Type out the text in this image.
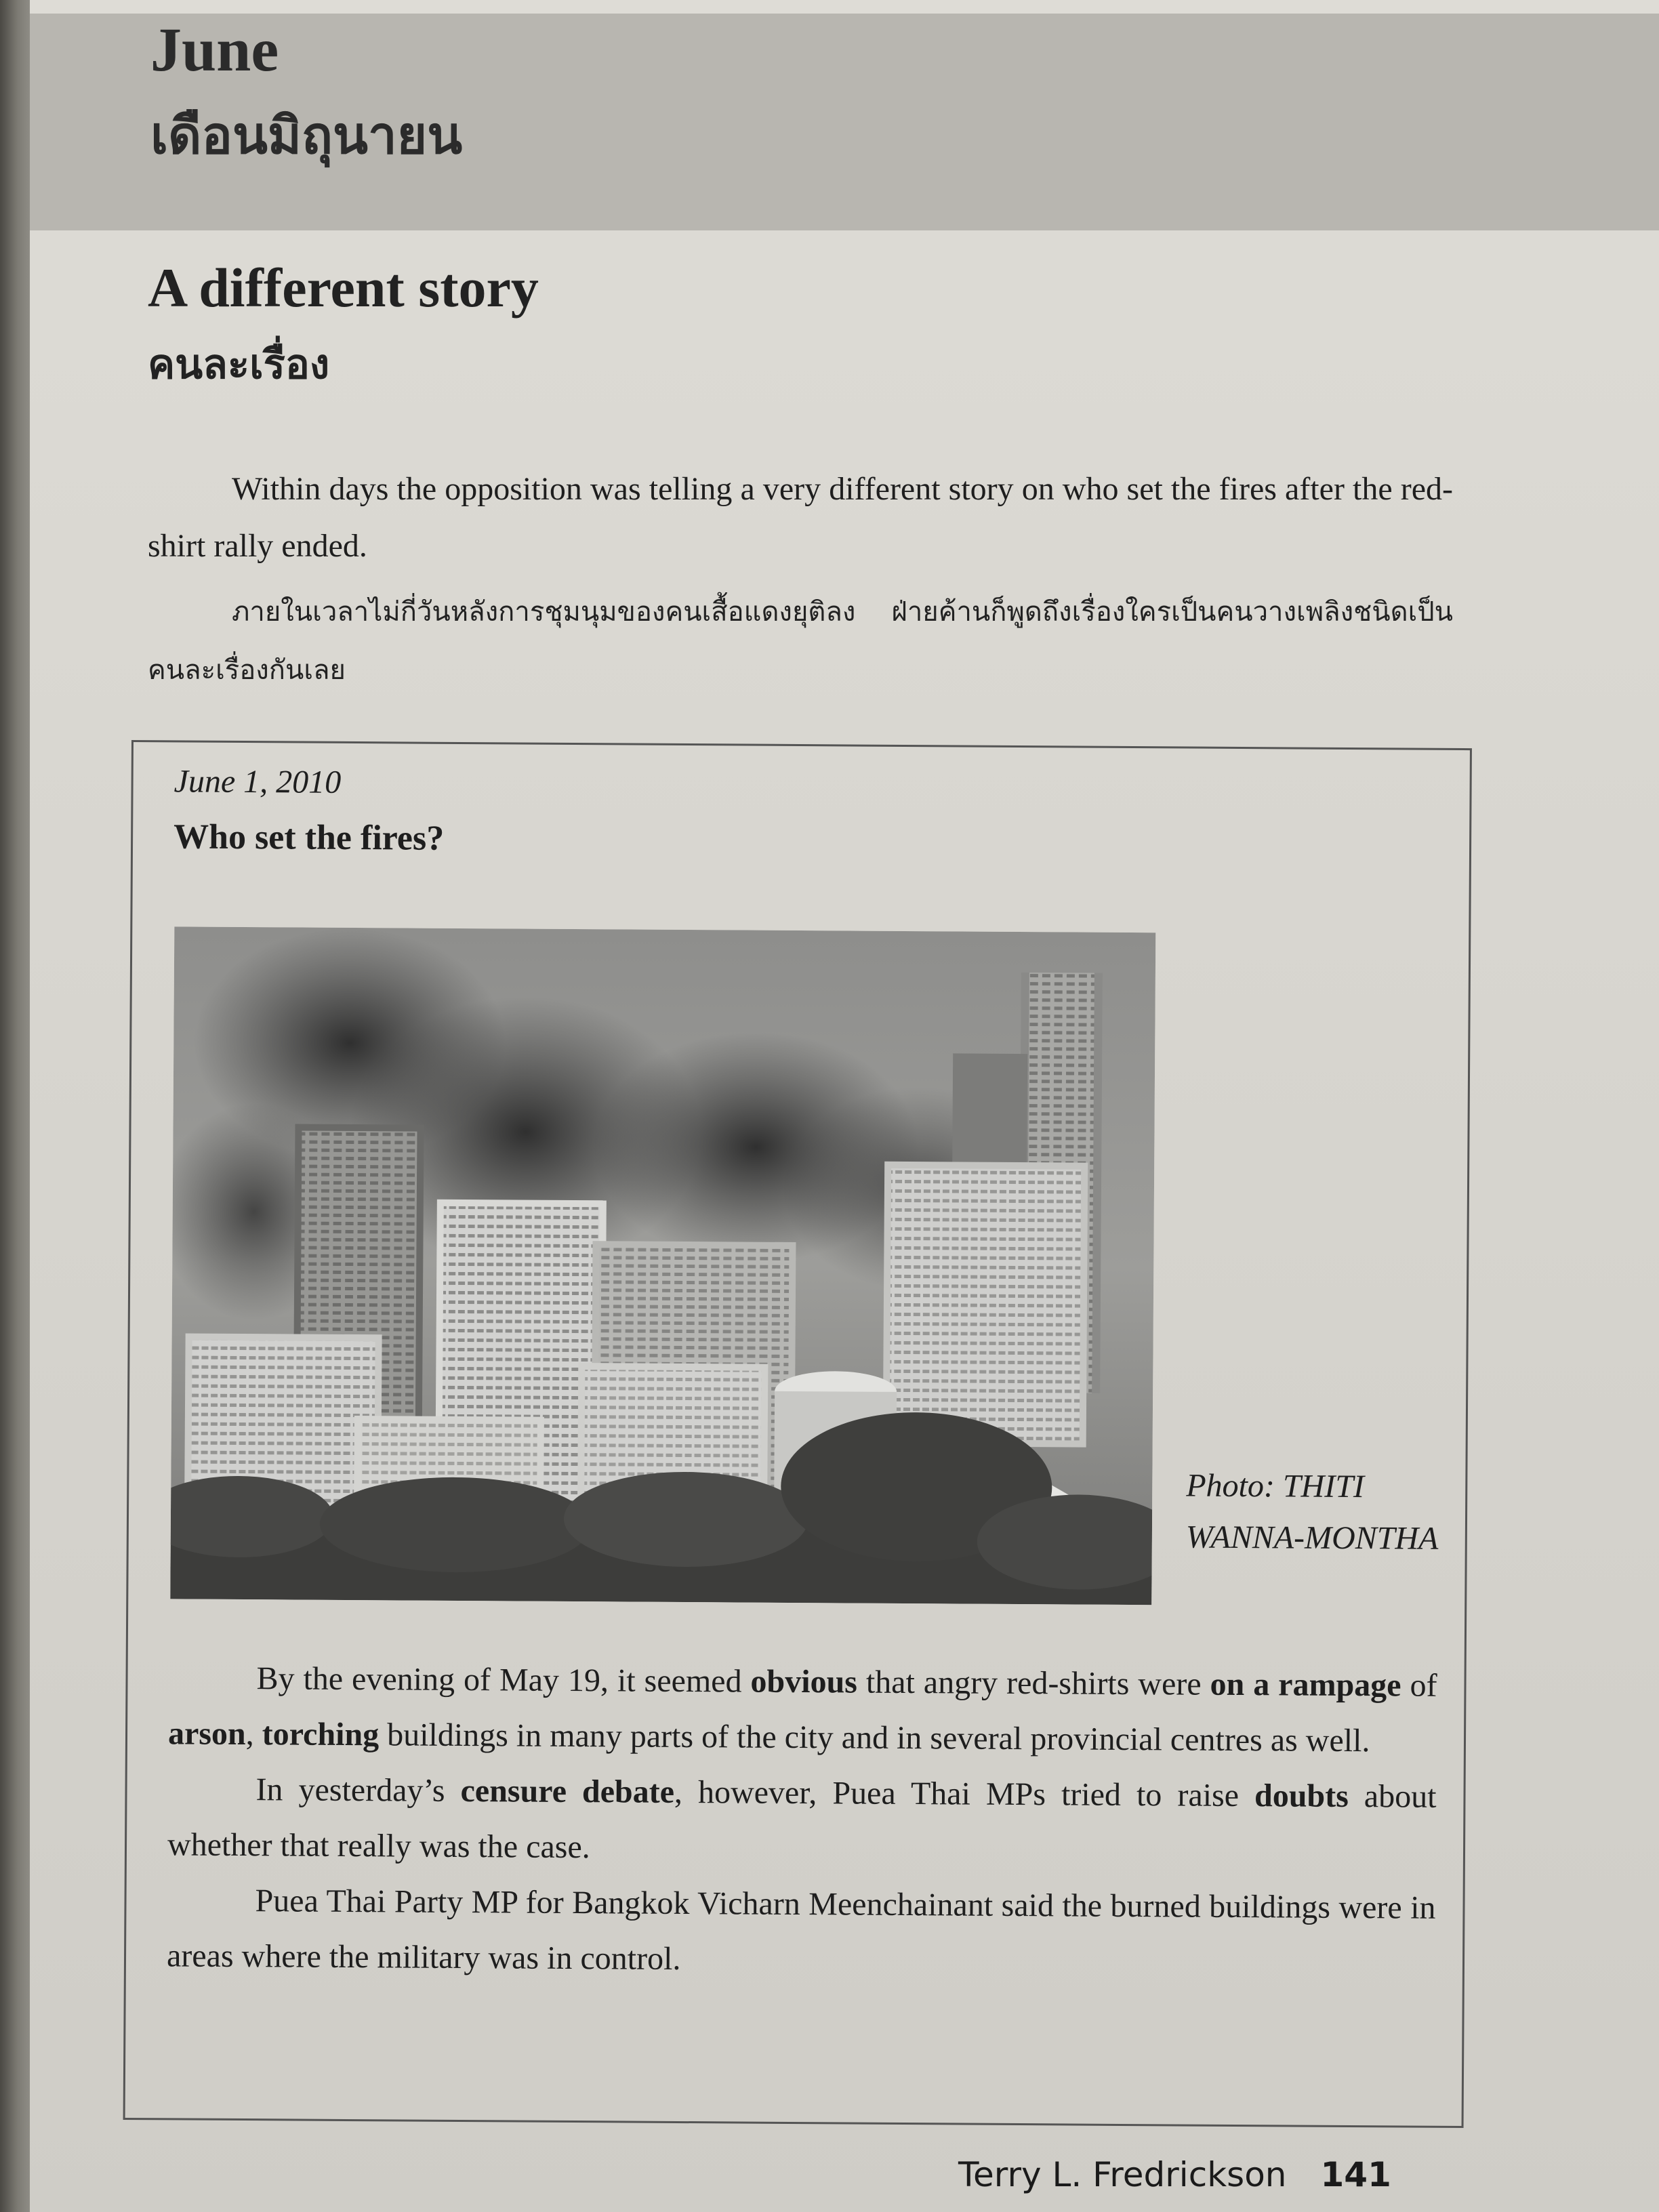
June
เดือนมิถุนายน
A different story
คนละเรื่อง

Within days the opposition was telling a very different story on who set the fires after the red-shirt rally ended.

ภายในเวลาไม่กี่วันหลังการชุมนุมของคนเสื้อแดงยุติลง ฝ่ายค้านก็พูดถึงเรื่องใครเป็นคนวางเพลิงชนิดเป็นคนละเรื่องกันเลย

June 1, 2010

Who set the fires?

Photo: THITI WANNA-MONTHA

By the evening of May 19, it seemed obvious that angry red-shirts were on a rampage of arson, torching buildings in many parts of the city and in several provincial centres as well.

In yesterday’s censure debate, however, Puea Thai MPs tried to raise doubts about whether that really was the case.

Puea Thai Party MP for Bangkok Vicharn Meenchainant said the burned buildings were in areas where the military was in control.

Terry L. Fredrickson 141
